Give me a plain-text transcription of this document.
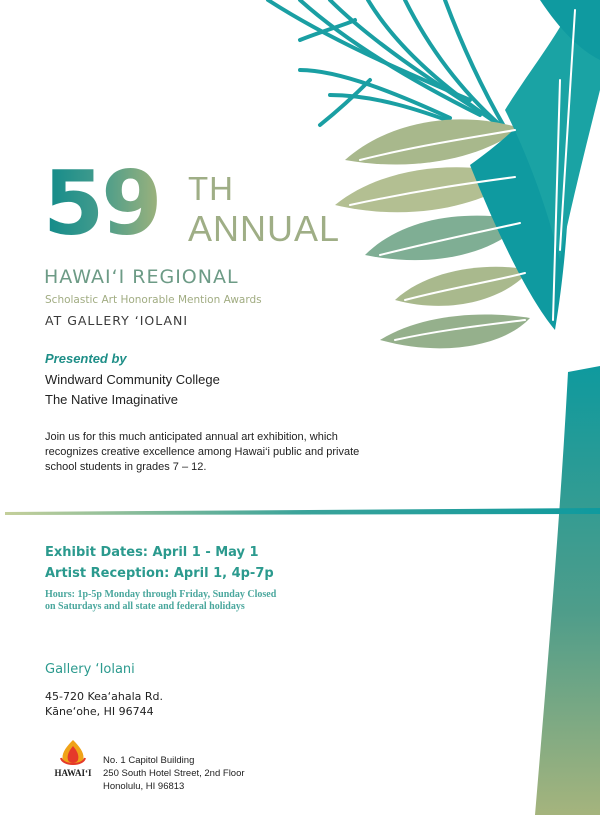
59 TH
ANNUAL
HAWAI‘I REGIONAL
Scholastic Art Honorable Mention Awards
AT GALLERY ‘IOLANI
Presented by
Windward Community College
The Native Imaginative

Join us for this much anticipated annual art exhibition, which recognizes creative excellence among Hawai‘i public and private school students in grades 7 – 12.

Exhibit Dates: April 1 - May 1
Artist Reception: April 1, 4p-7p

Hours: 1p-5p Monday through Friday, Sunday Closed on Saturdays and all state and federal holidays

Gallery ‘Iolani
45-720 Kea‘ahala Rd.
Kāne‘ohe, HI 96744
HAWAI‘I
No. 1 Capitol Building
250 South Hotel Street, 2nd Floor
Honolulu, HI 96813
